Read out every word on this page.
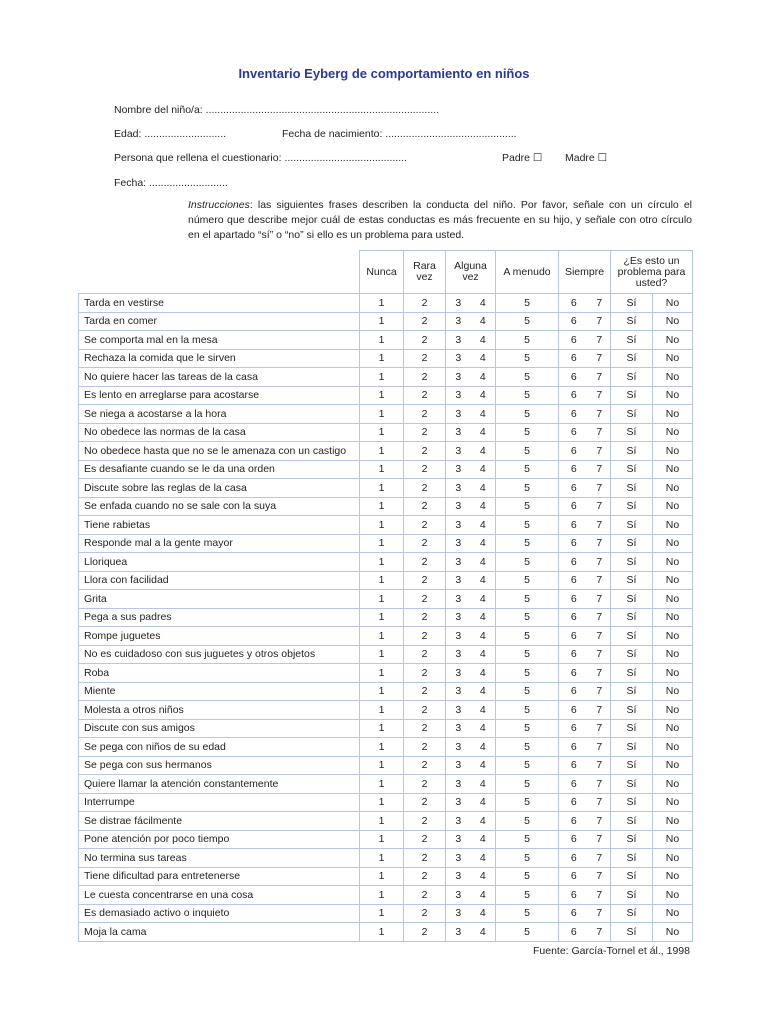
Inventario Eyberg de comportamiento en niños
Nombre del niño/a: ................................................................................
Edad: ............................	Fecha de nacimiento: .............................................
Persona que rellena el cuestionario: ..........................................	Padre ☐ Madre ☐
Fecha: ...........................
Instrucciones: las siguientes frases describen la conducta del niño. Por favor, señale con un círculo el número que describe mejor cuál de estas conductas es más frecuente en su hijo, y señale con otro círculo en el apartado “sí” o “no” si ello es un problema para usted.
	Nunca	Rara vez	Alguna vez		A menudo	Siempre		¿Es esto un problema para usted?	
Tarda en vestirse	1	2	3	4	5	6	7	Sí	No
Tarda en comer	1	2	3	4	5	6	7	Sí	No
Se comporta mal en la mesa	1	2	3	4	5	6	7	Sí	No
Rechaza la comida que le sirven	1	2	3	4	5	6	7	Sí	No
No quiere hacer las tareas de la casa	1	2	3	4	5	6	7	Sí	No
Es lento en arreglarse para acostarse	1	2	3	4	5	6	7	Sí	No
Se niega a acostarse a la hora	1	2	3	4	5	6	7	Sí	No
No obedece las normas de la casa	1	2	3	4	5	6	7	Sí	No
No obedece hasta que no se le amenaza con un castigo	1	2	3	4	5	6	7	Sí	No
Es desafiante cuando se le da una orden	1	2	3	4	5	6	7	Sí	No
Discute sobre las reglas de la casa	1	2	3	4	5	6	7	Sí	No
Se enfada cuando no se sale con la suya	1	2	3	4	5	6	7	Sí	No
Tiene rabietas	1	2	3	4	5	6	7	Sí	No
Responde mal a la gente mayor	1	2	3	4	5	6	7	Sí	No
Lloriquea	1	2	3	4	5	6	7	Sí	No
Llora con facilidad	1	2	3	4	5	6	7	Sí	No
Grita	1	2	3	4	5	6	7	Sí	No
Pega a sus padres	1	2	3	4	5	6	7	Sí	No
Rompe juguetes	1	2	3	4	5	6	7	Sí	No
No es cuidadoso con sus juguetes y otros objetos	1	2	3	4	5	6	7	Sí	No
Roba	1	2	3	4	5	6	7	Sí	No
Miente	1	2	3	4	5	6	7	Sí	No
Molesta a otros niños	1	2	3	4	5	6	7	Sí	No
Discute con sus amigos	1	2	3	4	5	6	7	Sí	No
Se pega con niños de su edad	1	2	3	4	5	6	7	Sí	No
Se pega con sus hermanos	1	2	3	4	5	6	7	Sí	No
Quiere llamar la atención constantemente	1	2	3	4	5	6	7	Sí	No
Interrumpe	1	2	3	4	5	6	7	Sí	No
Se distrae fácilmente	1	2	3	4	5	6	7	Sí	No
Pone atención por poco tiempo	1	2	3	4	5	6	7	Sí	No
No termina sus tareas	1	2	3	4	5	6	7	Sí	No
Tiene dificultad para entretenerse	1	2	3	4	5	6	7	Sí	No
Le cuesta concentrarse en una cosa	1	2	3	4	5	6	7	Sí	No
Es demasiado activo o inquieto	1	2	3	4	5	6	7	Sí	No
Moja la cama	1	2	3	4	5	6	7	Sí	No
Fuente: García-Tornel et ál., 1998
